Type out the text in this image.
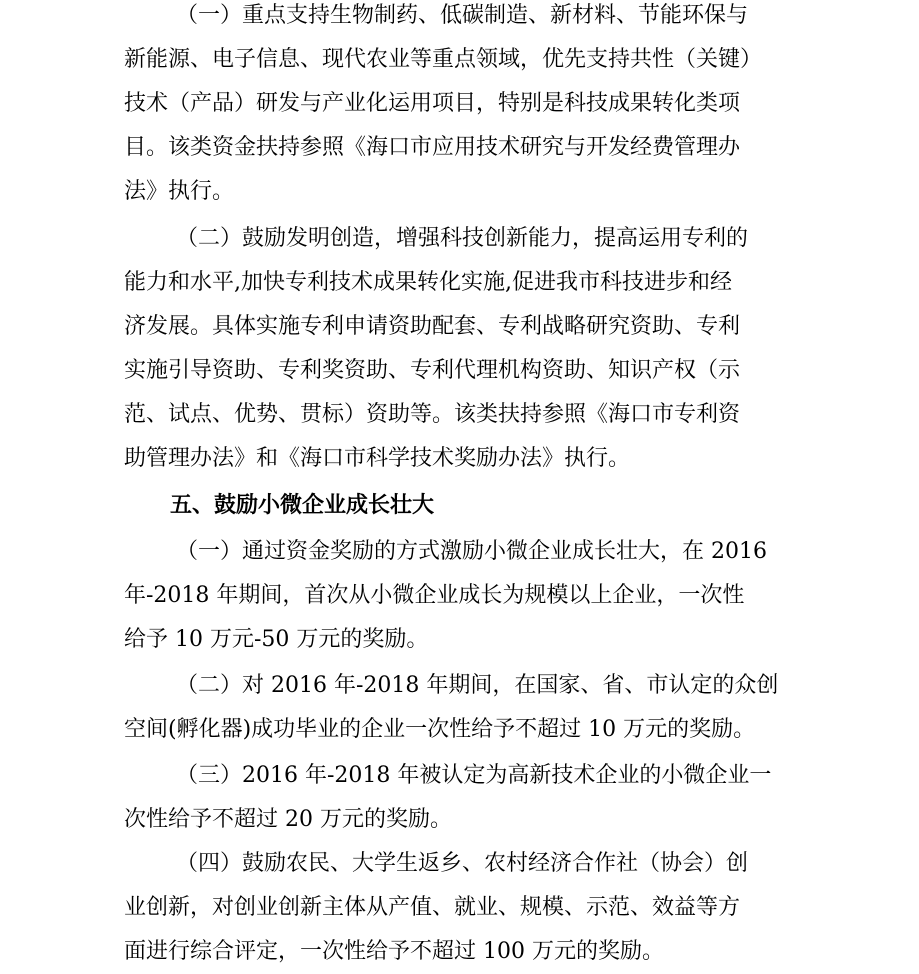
（一）重点支持生物制药、低碳制造、新材料、节能环保与
新能源、电子信息、现代农业等重点领域，优先支持共性（关键）
技术（产品）研发与产业化运用项目，特别是科技成果转化类项
目。该类资金扶持参照《海口市应用技术研究与开发经费管理办
法》执行。
（二）鼓励发明创造，增强科技创新能力，提高运用专利的
能力和水平,加快专利技术成果转化实施,促进我市科技进步和经
济发展。具体实施专利申请资助配套、专利战略研究资助、专利
实施引导资助、专利奖资助、专利代理机构资助、知识产权（示
范、试点、优势、贯标）资助等。该类扶持参照《海口市专利资
助管理办法》和《海口市科学技术奖励办法》执行。
五、鼓励小微企业成长壮大
（一）通过资金奖励的方式激励小微企业成长壮大，在 2016
年-2018 年期间，首次从小微企业成长为规模以上企业，一次性
给予 10 万元-50 万元的奖励。
（二）对 2016 年-2018 年期间，在国家、省、市认定的众创
空间(孵化器)成功毕业的企业一次性给予不超过 10 万元的奖励。
（三）2016 年-2018 年被认定为高新技术企业的小微企业一
次性给予不超过 20 万元的奖励。
（四）鼓励农民、大学生返乡、农村经济合作社（协会）创
业创新，对创业创新主体从产值、就业、规模、示范、效益等方
面进行综合评定，一次性给予不超过 100 万元的奖励。
